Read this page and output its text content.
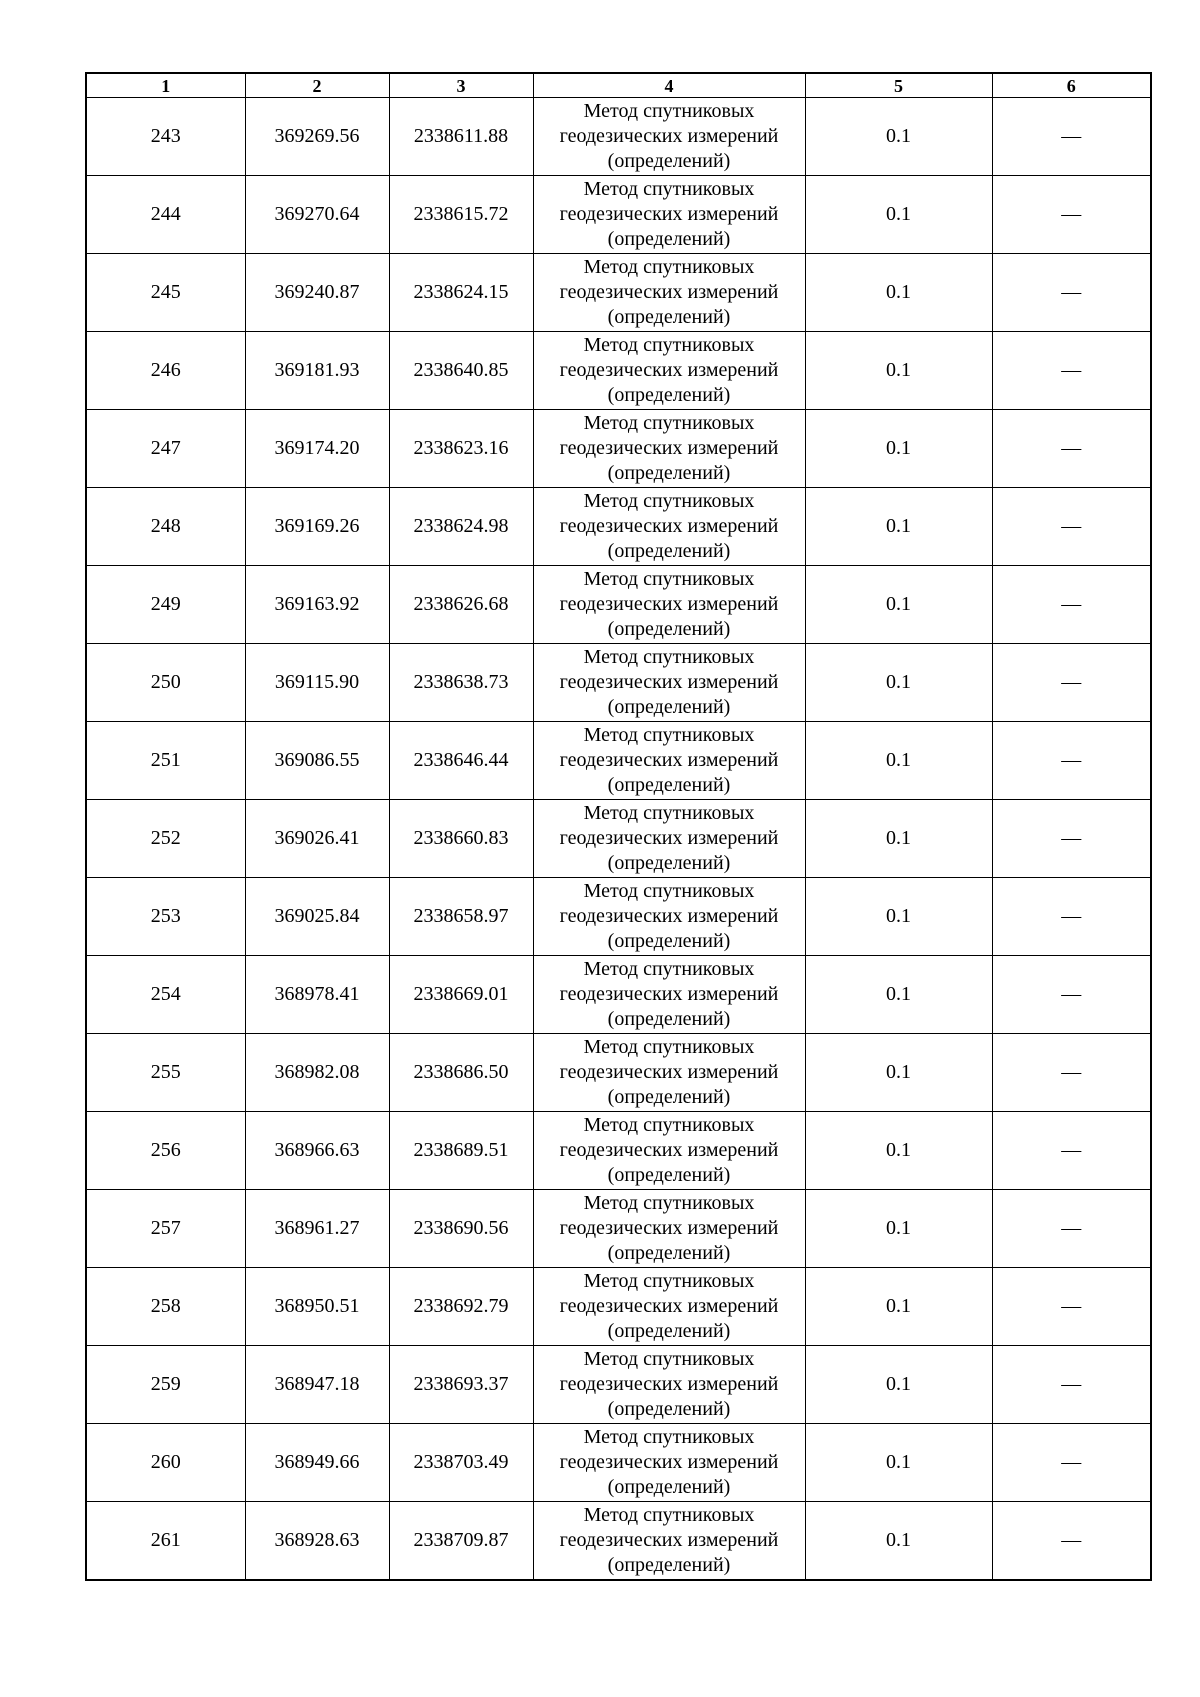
1	2	3	4	5	6
243	369269.56	2338611.88	Метод спутниковых
геодезических измерений
(определений)	0.1	—
244	369270.64	2338615.72	Метод спутниковых
геодезических измерений
(определений)	0.1	—
245	369240.87	2338624.15	Метод спутниковых
геодезических измерений
(определений)	0.1	—
246	369181.93	2338640.85	Метод спутниковых
геодезических измерений
(определений)	0.1	—
247	369174.20	2338623.16	Метод спутниковых
геодезических измерений
(определений)	0.1	—
248	369169.26	2338624.98	Метод спутниковых
геодезических измерений
(определений)	0.1	—
249	369163.92	2338626.68	Метод спутниковых
геодезических измерений
(определений)	0.1	—
250	369115.90	2338638.73	Метод спутниковых
геодезических измерений
(определений)	0.1	—
251	369086.55	2338646.44	Метод спутниковых
геодезических измерений
(определений)	0.1	—
252	369026.41	2338660.83	Метод спутниковых
геодезических измерений
(определений)	0.1	—
253	369025.84	2338658.97	Метод спутниковых
геодезических измерений
(определений)	0.1	—
254	368978.41	2338669.01	Метод спутниковых
геодезических измерений
(определений)	0.1	—
255	368982.08	2338686.50	Метод спутниковых
геодезических измерений
(определений)	0.1	—
256	368966.63	2338689.51	Метод спутниковых
геодезических измерений
(определений)	0.1	—
257	368961.27	2338690.56	Метод спутниковых
геодезических измерений
(определений)	0.1	—
258	368950.51	2338692.79	Метод спутниковых
геодезических измерений
(определений)	0.1	—
259	368947.18	2338693.37	Метод спутниковых
геодезических измерений
(определений)	0.1	—
260	368949.66	2338703.49	Метод спутниковых
геодезических измерений
(определений)	0.1	—
261	368928.63	2338709.87	Метод спутниковых
геодезических измерений
(определений)	0.1	—
